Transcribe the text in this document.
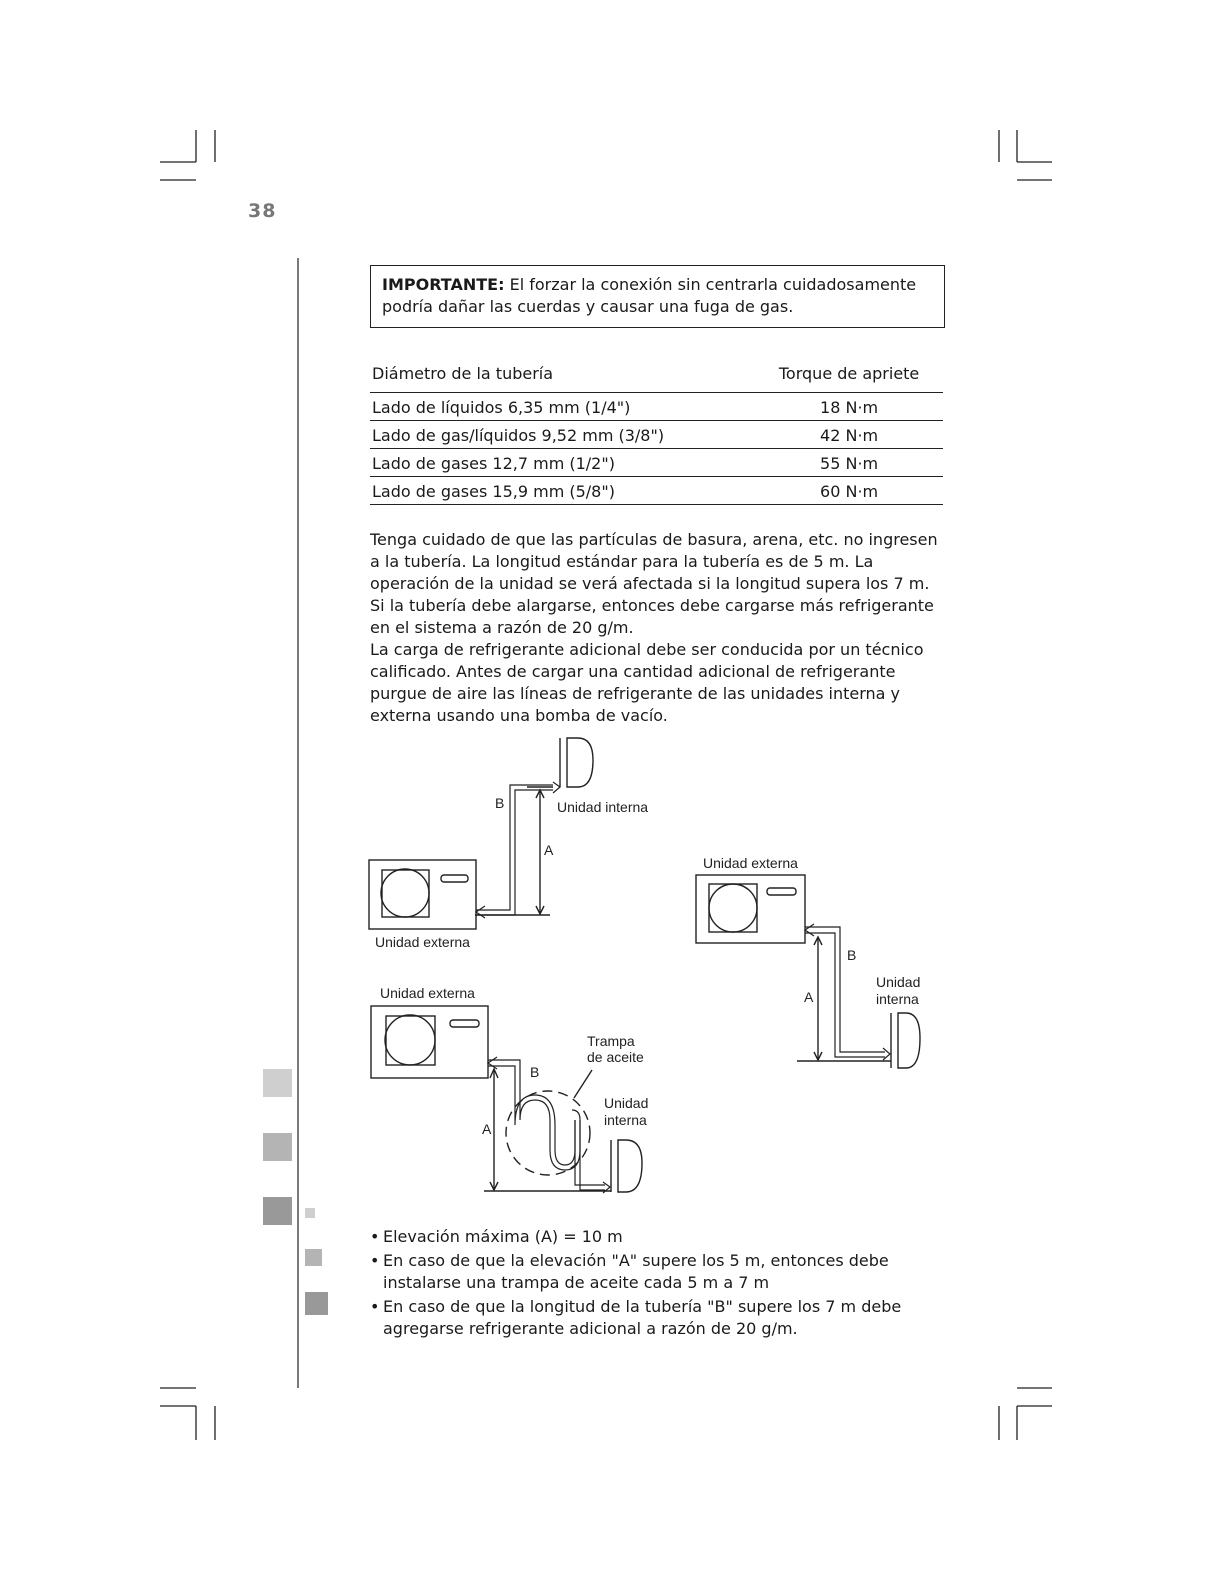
38
IMPORTANTE: El forzar la conexión sin centrarla cuidadosamente podría dañar las cuerdas y causar una fuga de gas.
Diámetro de la tubería	Torque de apriete
Lado de líquidos 6,35 mm (1/4")	18 N·m
Lado de gas/líquidos 9,52 mm (3/8")	42 N·m
Lado de gases 12,7 mm (1/2")	55 N·m
Lado de gases 15,9 mm (5/8")	60 N·m
Tenga cuidado de que las partículas de basura, arena, etc. no ingresen a la tubería. La longitud estándar para la tubería es de 5 m. La operación de la unidad se verá afectada si la longitud supera los 7 m. Si la tubería debe alargarse, entonces debe cargarse más refrigerante en el sistema a razón de 20 g/m.
La carga de refrigerante adicional debe ser conducida por un técnico calificado. Antes de cargar una cantidad adicional de refrigerante purgue de aire las líneas de refrigerante de las unidades interna y externa usando una bomba de vacío.
B
A
Unidad interna
Unidad externa
Unidad externa
B
A
Trampa
de aceite
Unidad
interna
Unidad externa
B
A
Unidad
interna
• Elevación máxima (A) = 10 m
• En caso de que la elevación "A" supere los 5 m, entonces debe instalarse una trampa de aceite cada 5 m a 7 m
• En caso de que la longitud de la tubería "B" supere los 7 m debe agregarse refrigerante adicional a razón de 20 g/m.
